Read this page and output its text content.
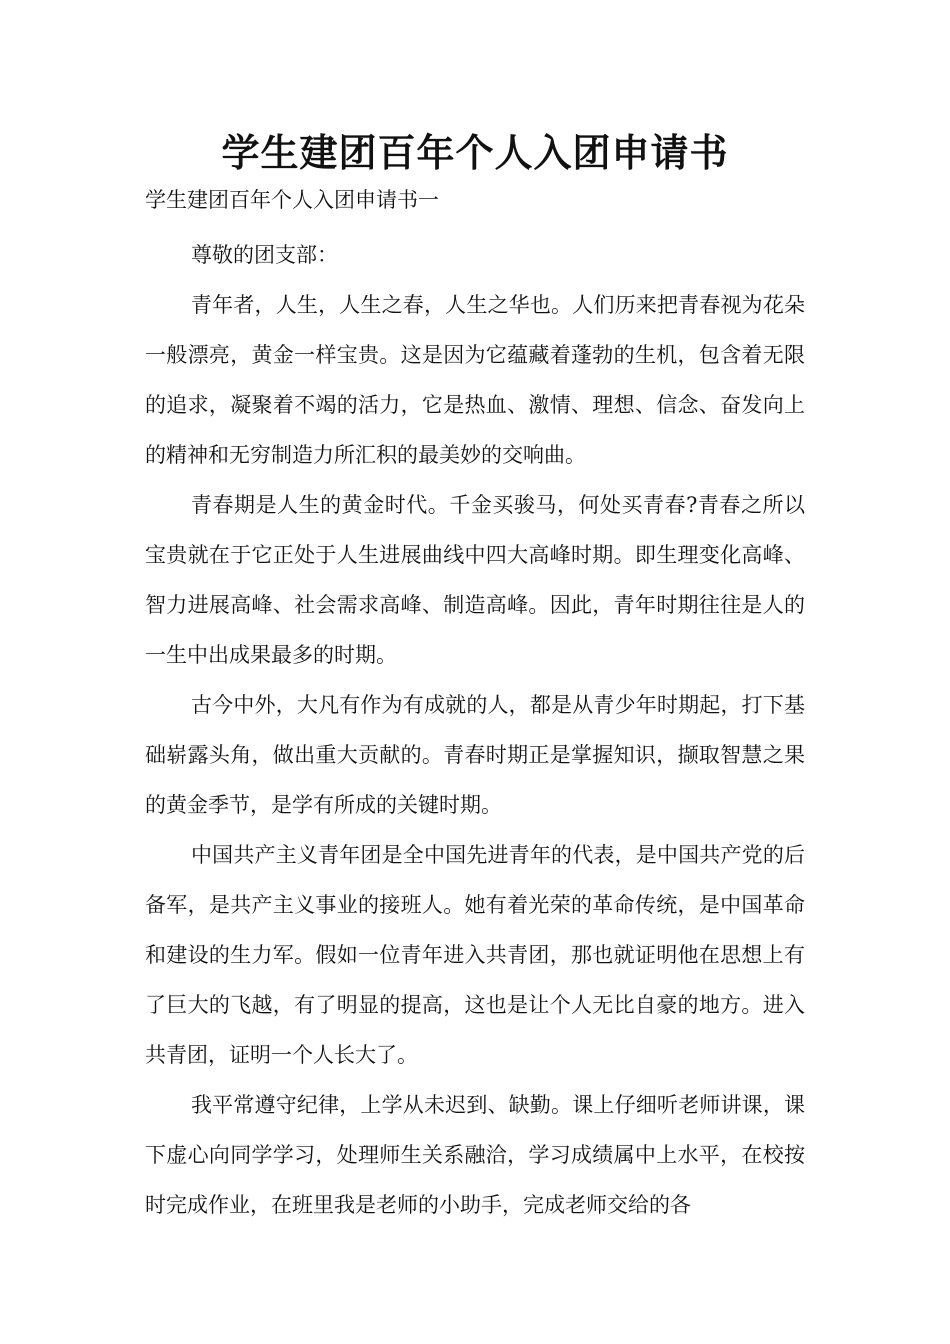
学生建团百年个人入团申请书

学生建团百年个人入团申请书一

尊敬的团支部：

青年者，人生，人生之春，人生之华也。人们历来把青春视为花朵一般漂亮，黄金一样宝贵。这是因为它蕴藏着蓬勃的生机，包含着无限的追求，凝聚着不竭的活力，它是热血、激情、理想、信念、奋发向上的精神和无穷制造力所汇积的最美妙的交响曲。

青春期是人生的黄金时代。千金买骏马，何处买青春?青春之所以宝贵就在于它正处于人生进展曲线中四大高峰时期。即生理变化高峰、智力进展高峰、社会需求高峰、制造高峰。因此，青年时期往往是人的一生中出成果最多的时期。

古今中外，大凡有作为有成就的人，都是从青少年时期起，打下基础崭露头角，做出重大贡献的。青春时期正是掌握知识，撷取智慧之果的黄金季节，是学有所成的关键时期。

中国共产主义青年团是全中国先进青年的代表，是中国共产党的后备军，是共产主义事业的接班人。她有着光荣的革命传统，是中国革命和建设的生力军。假如一位青年进入共青团，那也就证明他在思想上有了巨大的飞越，有了明显的提高，这也是让个人无比自豪的地方。进入共青团，证明一个人长大了。

我平常遵守纪律，上学从未迟到、缺勤。课上仔细听老师讲课，课下虚心向同学学习，处理师生关系融洽，学习成绩属中上水平，在校按时完成作业，在班里我是老师的小助手，完成老师交给的各
